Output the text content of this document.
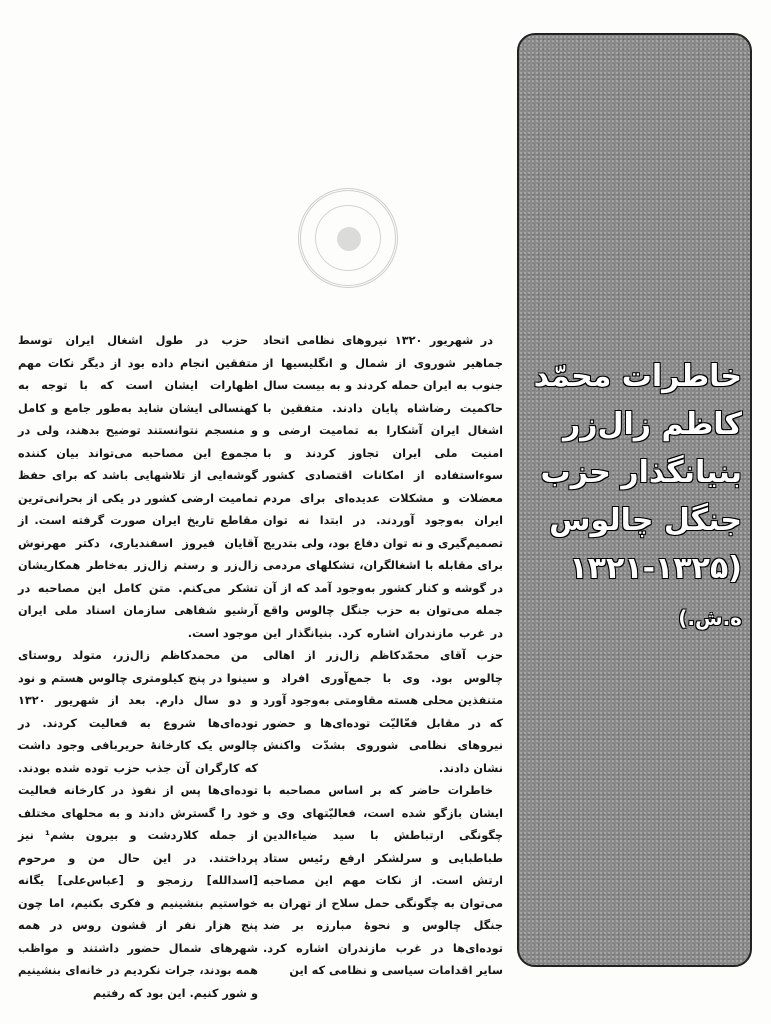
خاطرات محمّد
کاظم زال‌زر
بنیانگذار حزب
جنگل چالوس
(۱۳۲۱-۱۳۲۵
ه.ش.)

در شهریور ۱۳۲۰ نیروهای نظامی اتحاد جماهیر شوروی از شمال و انگلیسیها از جنوب به ایران حمله کردند و به بیست سال حاکمیت رضاشاه پایان دادند. متفقین با اشغال ایران آشکارا به تمامیت ارضی و امنیت ملی ایران تجاوز کردند و با سوءاستفاده از امکانات اقتصادی کشور معضلات و مشکلات عدیده‌ای برای مردم ایران به‌وجود آوردند. در ابتدا نه توان تصمیم‌گیری و نه توان دفاع بود، ولی بتدریج برای مقابله با اشغالگران، تشکلهای مردمی در گوشه و کنار کشور به‌وجود آمد که از آن جمله می‌توان به حزب جنگل چالوس واقع در غرب مازندران اشاره کرد. بنیانگذار این حزب آقای محمّدکاظم زال‌زر از اهالی چالوس بود. وی با جمع‌آوری افراد و متنفذین محلی هسته مقاومتی به‌وجود آورد که در مقابل فعّالیّت توده‌ای‌ها و حضور نیروهای نظامی شوروی بشدّت واکنش نشان دادند.

خاطرات حاضر که بر اساس مصاحبه با ایشان بازگو شده است، فعالیّتهای وی و چگونگی ارتباطش با سید ضیاءالدین طباطبایی و سرلشکر ارفع رئیس ستاد ارتش است. از نکات مهم این مصاحبه می‌توان به چگونگی حمل سلاح از تهران به جنگل چالوس و نحوهٔ مبارزه بر ضد توده‌ای‌ها در غرب مازندران اشاره کرد. سایر اقدامات سیاسی و نظامی که این

حزب در طول اشغال ایران توسط متفقین انجام داده بود از دیگر نکات مهم اظهارات ایشان است که با توجه به کهنسالی ایشان شاید به‌طور جامع و کامل و منسجم نتوانستند توضیح بدهند، ولی در مجموع این مصاحبه می‌تواند بیان کننده گوشه‌ایی از تلاشهایی باشد که برای حفظ تمامیت ارضی کشور در یکی از بحرانی‌ترین مقاطع تاریخ ایران صورت گرفته است. از آقایان فیروز اسفندیاری، دکتر مهرنوش زال‌زر و رستم زال‌زر به‌خاطر همکاریشان تشکر می‌کنم. متن کامل این مصاحبه در آرشیو شفاهی سازمان اسناد ملی ایران موجود است.

من محمدکاظم زال‌زر، متولد روستای سینوا در پنج کیلومتری چالوس هستم و نود و دو سال دارم. بعد از شهریور ۱۳۲۰ توده‌ای‌ها شروع به فعالیت کردند. در چالوس یک کارخانهٔ حریربافی وجود داشت که کارگران آن جذب حزب توده شده بودند. توده‌ای‌ها پس از نفوذ در کارخانه فعالیت خود را گسترش دادند و به محلهای مختلف از جمله کلاردشت و بیرون بشم¹ نیز پرداختند. در این حال من و مرحوم [اسدالله] رزمجو و [عباس‌علی] یگانه خواستیم بنشینیم و فکری بکنیم، اما چون پنج هزار نفر از قشون روس در همه شهرهای شمال حضور داشتند و مواظب همه بودند، جرات نکردیم در خانه‌ای بنشینیم و شور کنیم. این بود که رفتیم
